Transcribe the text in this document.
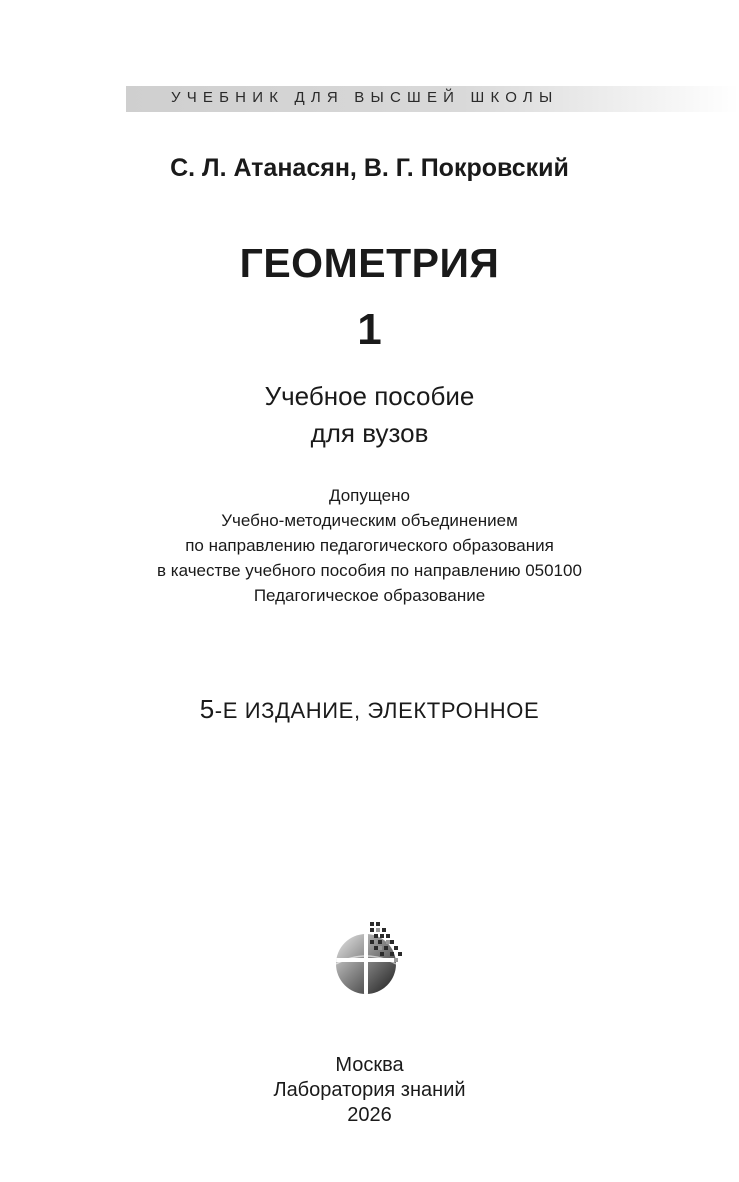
УЧЕБНИК ДЛЯ ВЫСШЕЙ ШКОЛЫ
С. Л. Атанасян, В. Г. Покровский
ГЕОМЕТРИЯ
1
Учебное пособие
для вузов
Допущено
Учебно-методическим объединением
по направлению педагогического образования
в качестве учебного пособия по направлению 050100
Педагогическое образование
5-Е ИЗДАНИЕ, ЭЛЕКТРОННОЕ
Москва
Лаборатория знаний
2026
